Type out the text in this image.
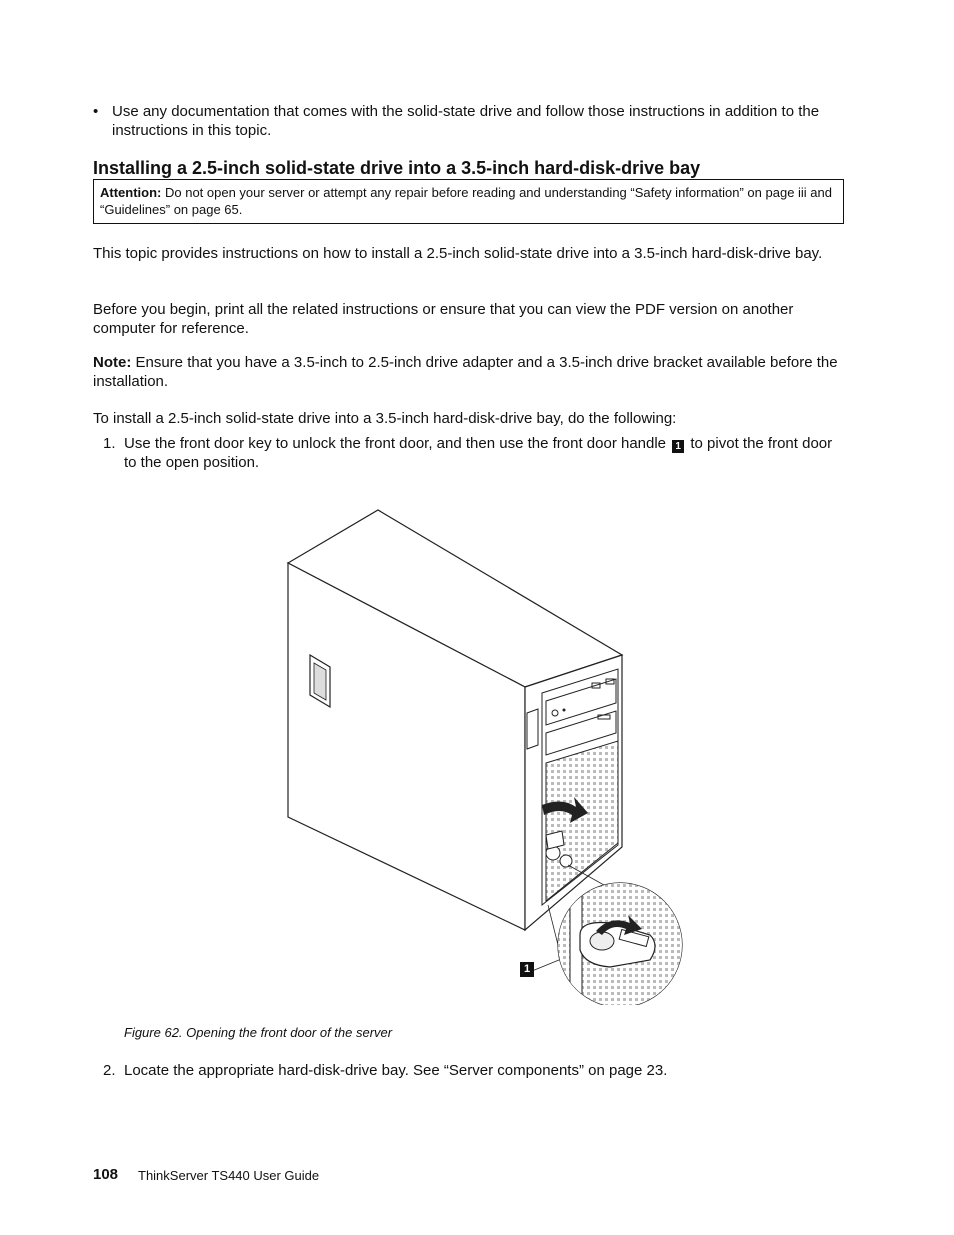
• Use any documentation that comes with the solid-state drive and follow those instructions in addition to the instructions in this topic.
Installing a 2.5-inch solid-state drive into a 3.5-inch hard-disk-drive bay
Attention: Do not open your server or attempt any repair before reading and understanding “Safety information” on page iii and “Guidelines” on page 65.
This topic provides instructions on how to install a 2.5-inch solid-state drive into a 3.5-inch hard-disk-drive bay.
Before you begin, print all the related instructions or ensure that you can view the PDF version on another computer for reference.
Note: Ensure that you have a 3.5-inch to 2.5-inch drive adapter and a 3.5-inch drive bracket available before the installation.
To install a 2.5-inch solid-state drive into a 3.5-inch hard-disk-drive bay, do the following:
1. Use the front door key to unlock the front door, and then use the front door handle 1 to pivot the front door to the open position.
1
Figure 62. Opening the front door of the server
2. Locate the appropriate hard-disk-drive bay. See “Server components” on page 23.
108 ThinkServer TS440 User Guide
